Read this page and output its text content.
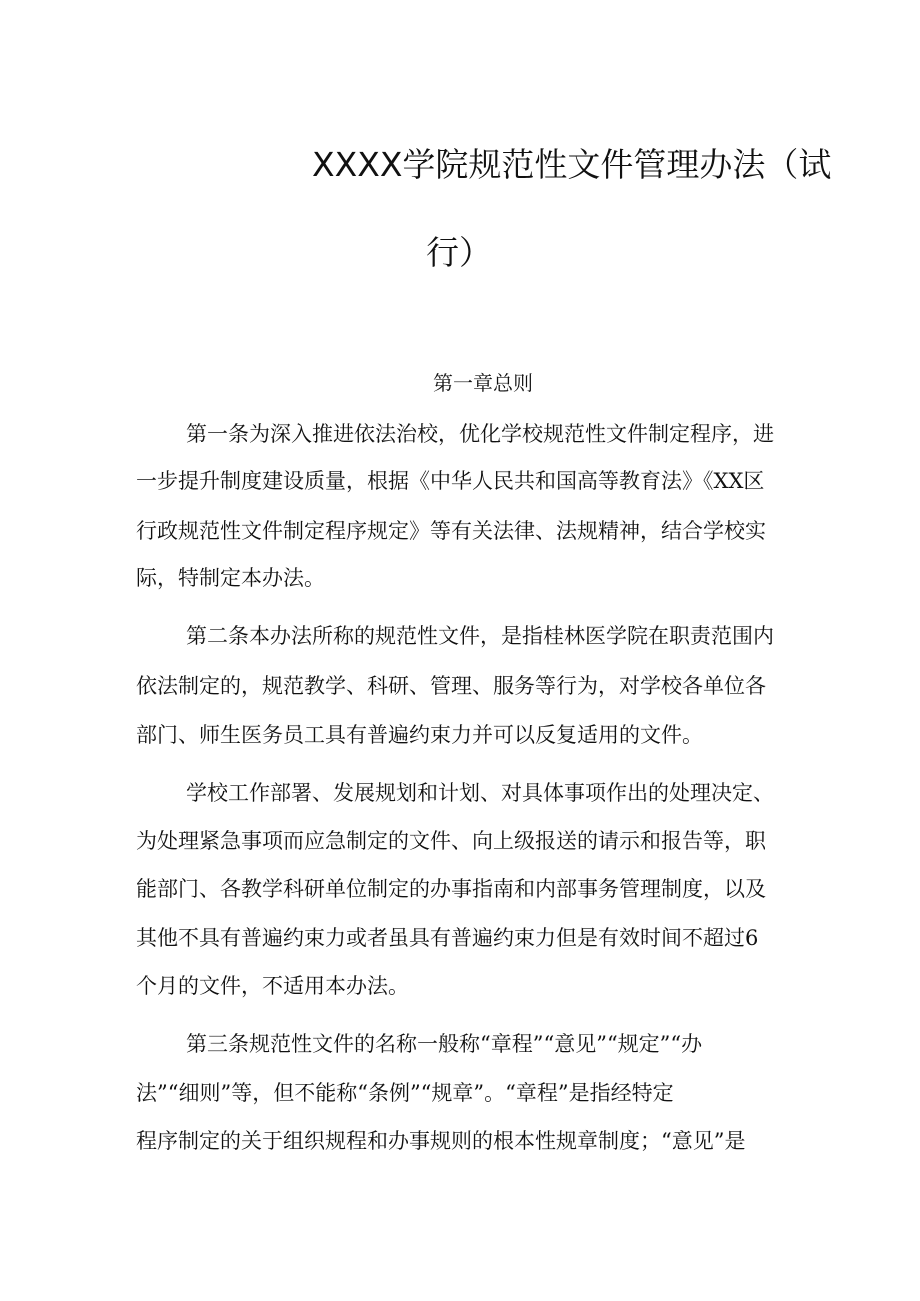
XXXX学院规范性文件管理办法（试
行）
第一章总则
第一条为深入推进依法治校，优化学校规范性文件制定程序，进
一步提升制度建设质量，根据《中华人民共和国高等教育法》《XX区
行政规范性文件制定程序规定》等有关法律、法规精神，结合学校实
际，特制定本办法。
第二条本办法所称的规范性文件，是指桂林医学院在职责范围内
依法制定的，规范教学、科研、管理、服务等行为，对学校各单位各
部门、师生医务员工具有普遍约束力并可以反复适用的文件。
学校工作部署、发展规划和计划、对具体事项作出的处理决定、
为处理紧急事项而应急制定的文件、向上级报送的请示和报告等，职
能部门、各教学科研单位制定的办事指南和内部事务管理制度，以及
其他不具有普遍约束力或者虽具有普遍约束力但是有效时间不超过6
个月的文件，不适用本办法。
第三条规范性文件的名称一般称“章程”“意见”“规定”“办
法”“细则”等，但不能称“条例”“规章”。“章程”是指经特定
程序制定的关于组织规程和办事规则的根本性规章制度；“意见”是
